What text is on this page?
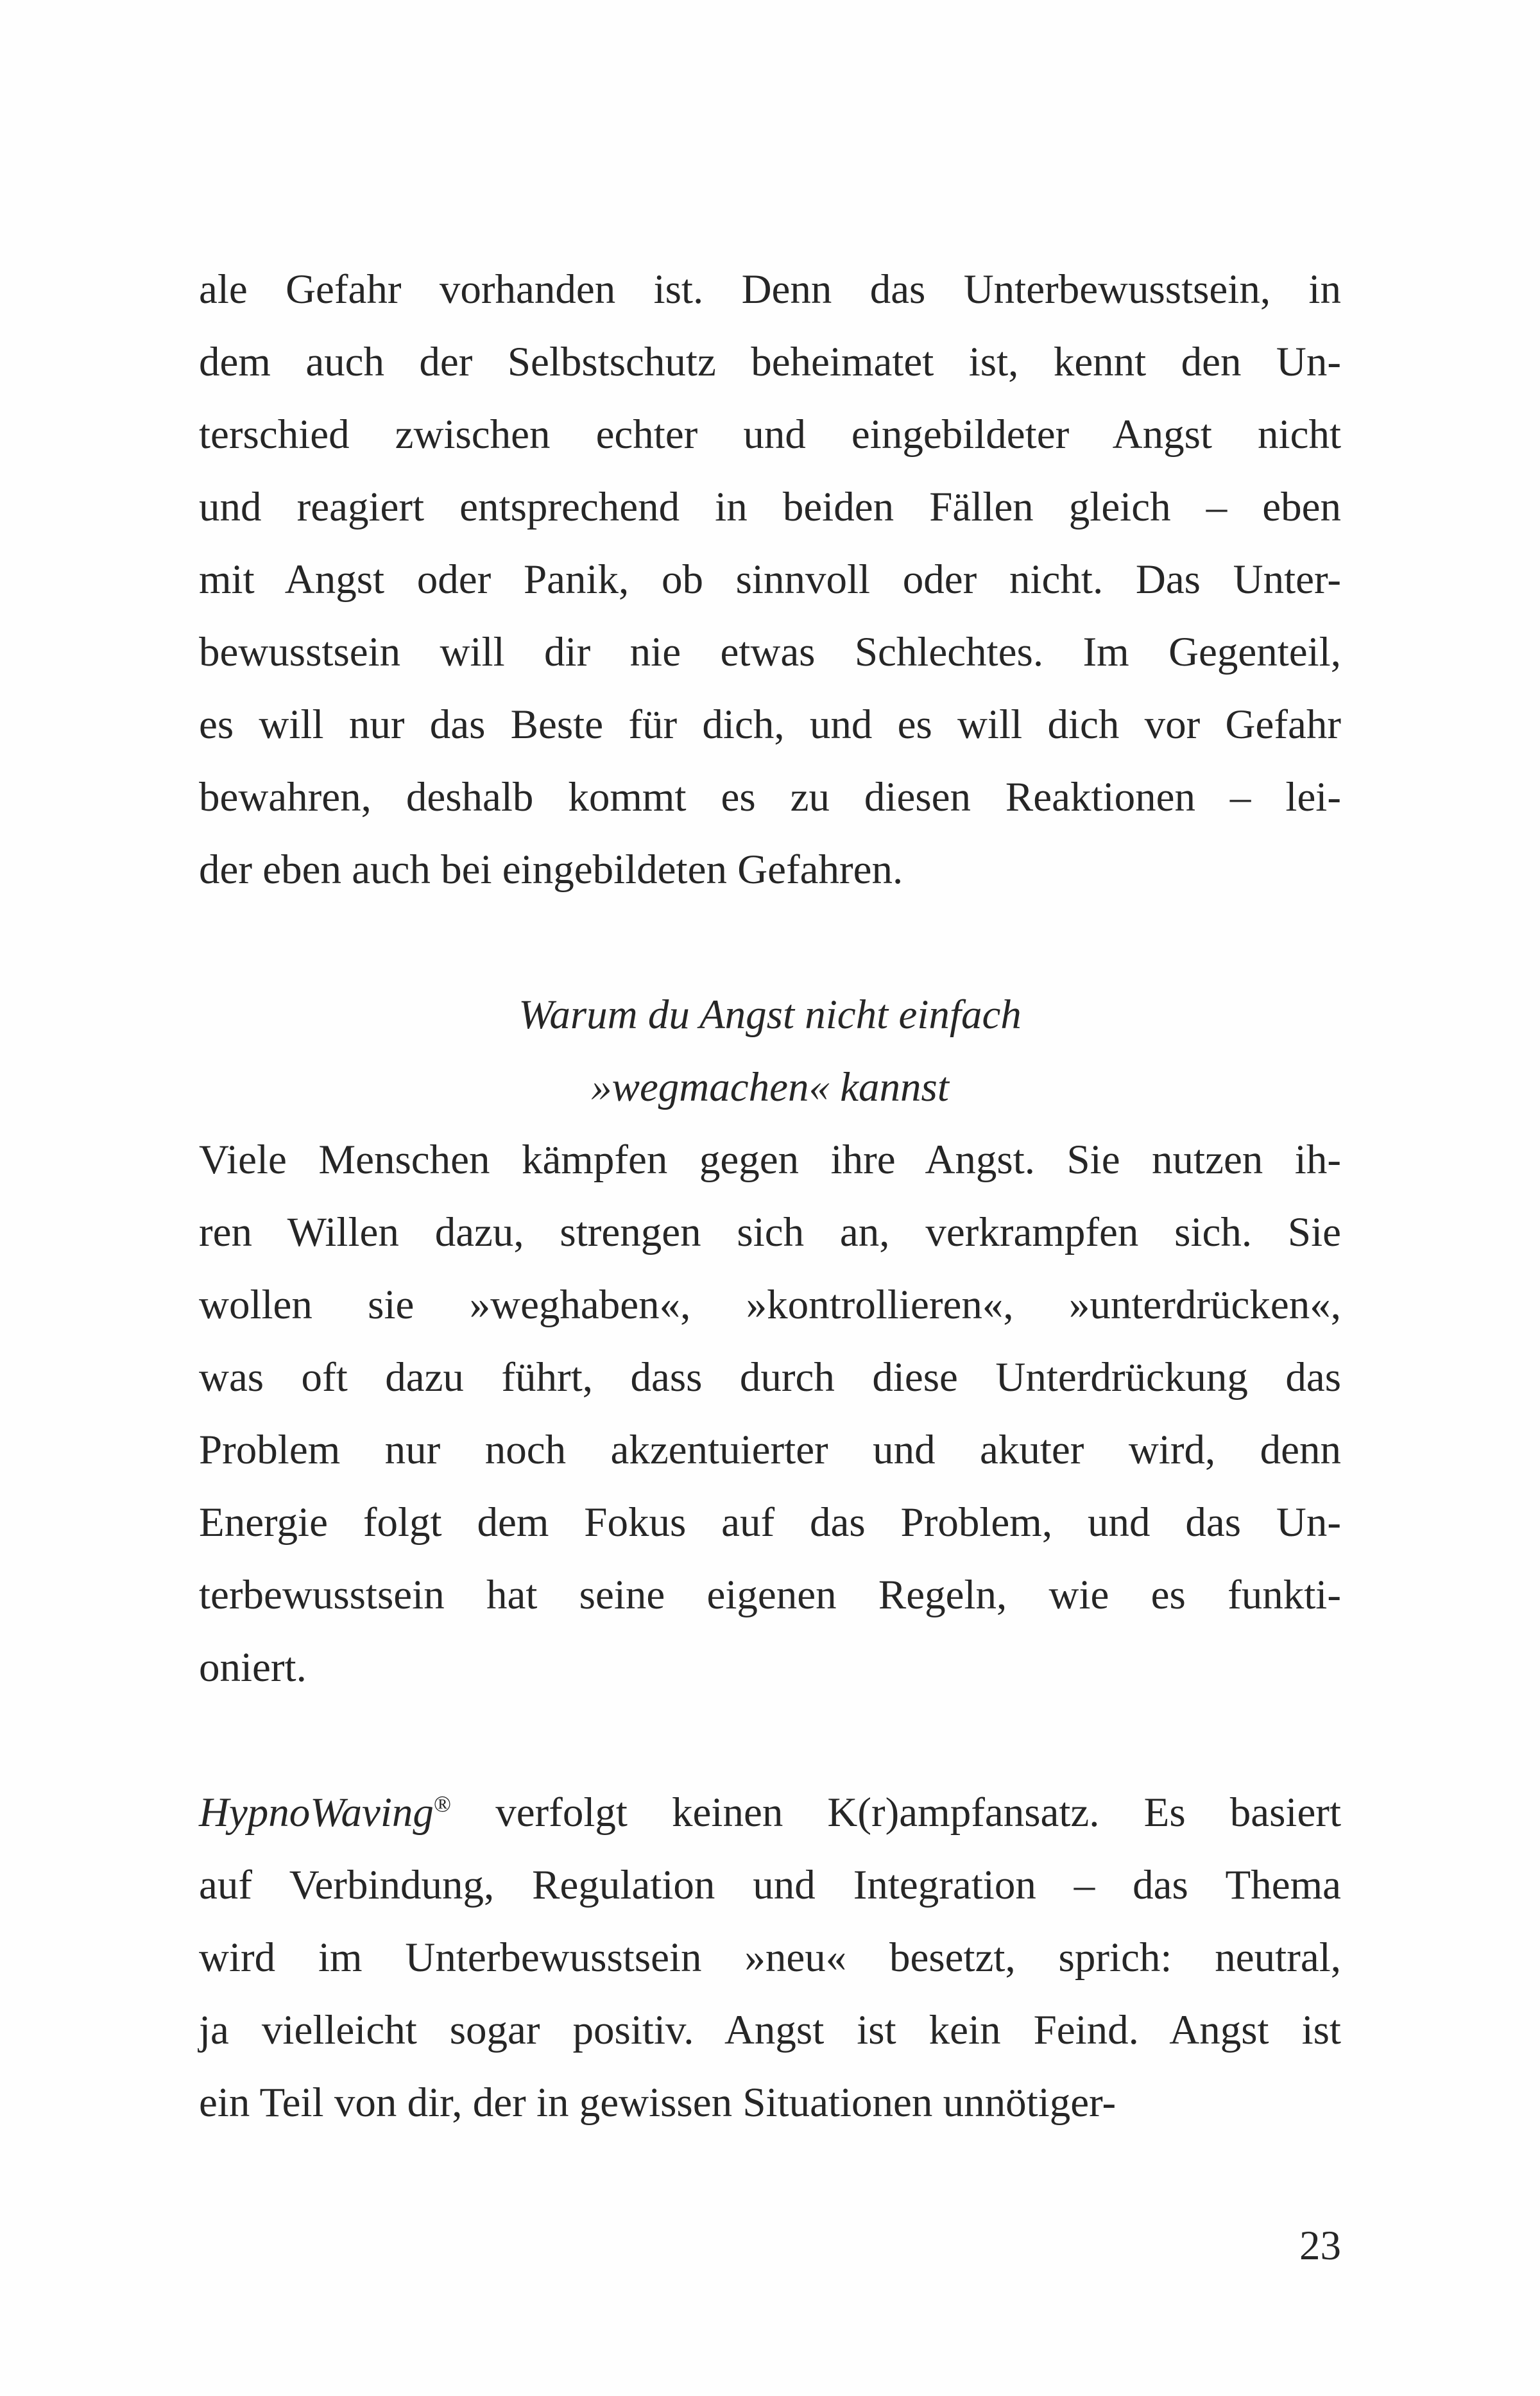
ale Gefahr vorhanden ist. Denn das Unterbewusstsein, in
dem auch der Selbstschutz beheimatet ist, kennt den Un-
terschied zwischen echter und eingebildeter Angst nicht
und reagiert entsprechend in beiden Fällen gleich – eben
mit Angst oder Panik, ob sinnvoll oder nicht. Das Unter-
bewusstsein will dir nie etwas Schlechtes. Im Gegenteil,
es will nur das Beste für dich, und es will dich vor Gefahr
bewahren, deshalb kommt es zu diesen Reaktionen – lei-
der eben auch bei eingebildeten Gefahren.
Warum du Angst nicht einfach
»wegmachen« kannst
Viele Menschen kämpfen gegen ihre Angst. Sie nutzen ih-
ren Willen dazu, strengen sich an, verkrampfen sich. Sie
wollen sie »weghaben«, »kontrollieren«, »unterdrücken«,
was oft dazu führt, dass durch diese Unterdrückung das
Problem nur noch akzentuierter und akuter wird, denn
Energie folgt dem Fokus auf das Problem, und das Un-
terbewusstsein hat seine eigenen Regeln, wie es funkti-
oniert.
HypnoWaving® verfolgt keinen K(r)ampfansatz. Es basiert
auf Verbindung, Regulation und Integration – das Thema
wird im Unterbewusstsein »neu« besetzt, sprich: neutral,
ja vielleicht sogar positiv. Angst ist kein Feind. Angst ist
ein Teil von dir, der in gewissen Situationen unnötiger-
23
